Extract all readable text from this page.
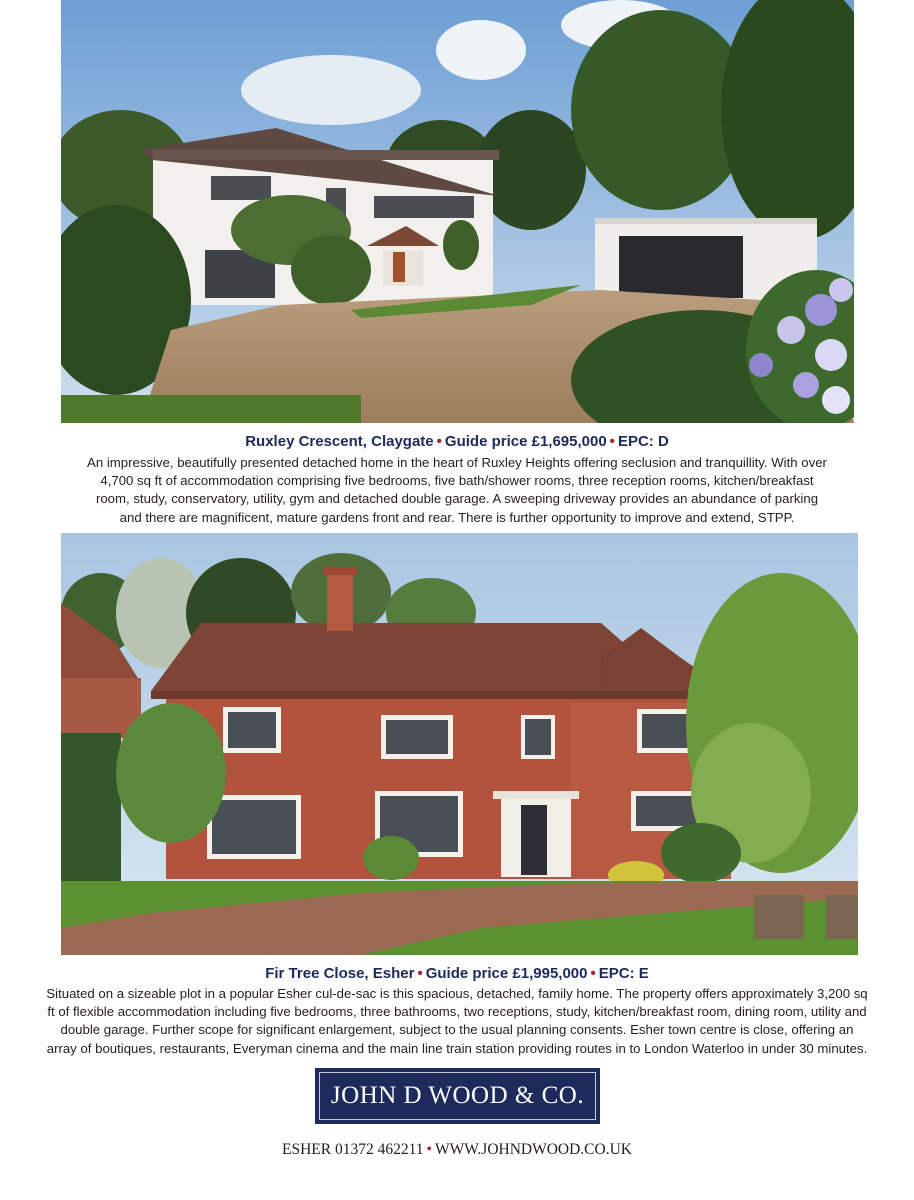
Ruxley Crescent, Claygate • Guide price £1,695,000 • EPC: D
An impressive, beautifully presented detached home in the heart of Ruxley Heights offering seclusion and tranquillity. With over 4,700 sq ft of accommodation comprising five bedrooms, five bath/shower rooms, three reception rooms, kitchen/breakfast room, study, conservatory, utility, gym and detached double garage. A sweeping driveway provides an abundance of parking and there are magnificent, mature gardens front and rear. There is further opportunity to improve and extend, STPP.
Fir Tree Close, Esher • Guide price £1,995,000 • EPC: E
Situated on a sizeable plot in a popular Esher cul-de-sac is this spacious, detached, family home. The property offers approximately 3,200 sq ft of flexible accommodation including five bedrooms, three bathrooms, two receptions, study, kitchen/breakfast room, dining room, utility and double garage. Further scope for significant enlargement, subject to the usual planning consents. Esher town centre is close, offering an array of boutiques, restaurants, Everyman cinema and the main line train station providing routes in to London Waterloo in under 30 minutes.
JOHN D WOOD & CO.
ESHER 01372 462211 • WWW.JOHNDWOOD.CO.UK
